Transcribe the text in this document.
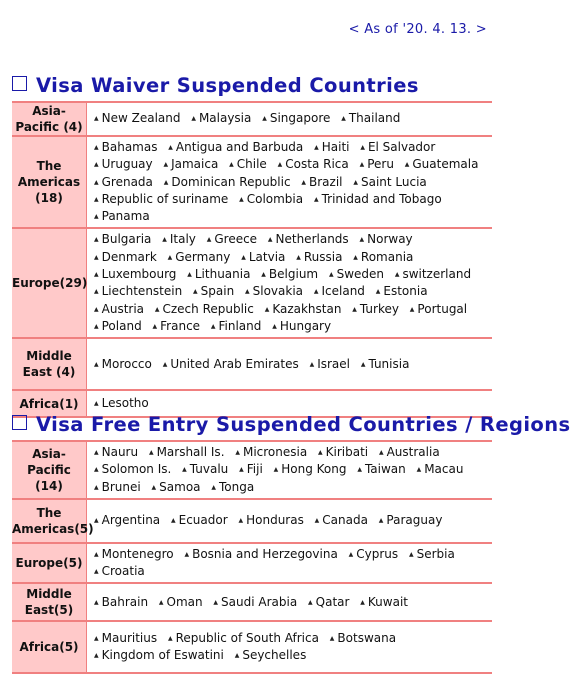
< As of '20. 4. 13. >
Visa Waiver Suspended Countries
Asia-Pacific (4)	▲ New Zealand ▲ Malaysia ▲ Singapore ▲ Thailand
The Americas (18)	▲ Bahamas ▲ Antigua and Barbuda ▲ Haiti ▲ El Salvador ▲ Uruguay ▲ Jamaica ▲ Chile ▲ Costa Rica ▲ Peru ▲ Guatemala ▲ Grenada ▲ Dominican Republic ▲ Brazil ▲ Saint Lucia ▲ Republic of suriname ▲ Colombia ▲ Trinidad and Tobago ▲ Panama
Europe(29)	▲ Bulgaria ▲ Italy ▲ Greece ▲ Netherlands ▲ Norway ▲ Denmark ▲ Germany ▲ Latvia ▲ Russia ▲ Romania ▲ Luxembourg ▲ Lithuania ▲ Belgium ▲ Sweden ▲ switzerland ▲ Liechtenstein ▲ Spain ▲ Slovakia ▲ Iceland ▲ Estonia ▲ Austria ▲ Czech Republic ▲ Kazakhstan ▲ Turkey ▲ Portugal ▲ Poland ▲ France ▲ Finland ▲ Hungary
Middle East (4)	▲ Morocco ▲ United Arab Emirates ▲ Israel ▲ Tunisia
Africa(1)	▲ Lesotho
Visa Free Entry Suspended Countries / Regions
Asia-Pacific (14)	▲ Nauru ▲ Marshall Is. ▲ Micronesia ▲ Kiribati ▲ Australia ▲ Solomon Is. ▲ Tuvalu ▲ Fiji ▲ Hong Kong ▲ Taiwan ▲ Macau ▲ Brunei ▲ Samoa ▲ Tonga
The Americas(5)	▲ Argentina ▲ Ecuador ▲ Honduras ▲ Canada ▲ Paraguay
Europe(5)	▲ Montenegro ▲ Bosnia and Herzegovina ▲ Cyprus ▲ Serbia ▲ Croatia
Middle East(5)	▲ Bahrain ▲ Oman ▲ Saudi Arabia ▲ Qatar ▲ Kuwait
Africa(5)	▲ Mauritius ▲ Republic of South Africa ▲ Botswana ▲ Kingdom of Eswatini ▲ Seychelles
